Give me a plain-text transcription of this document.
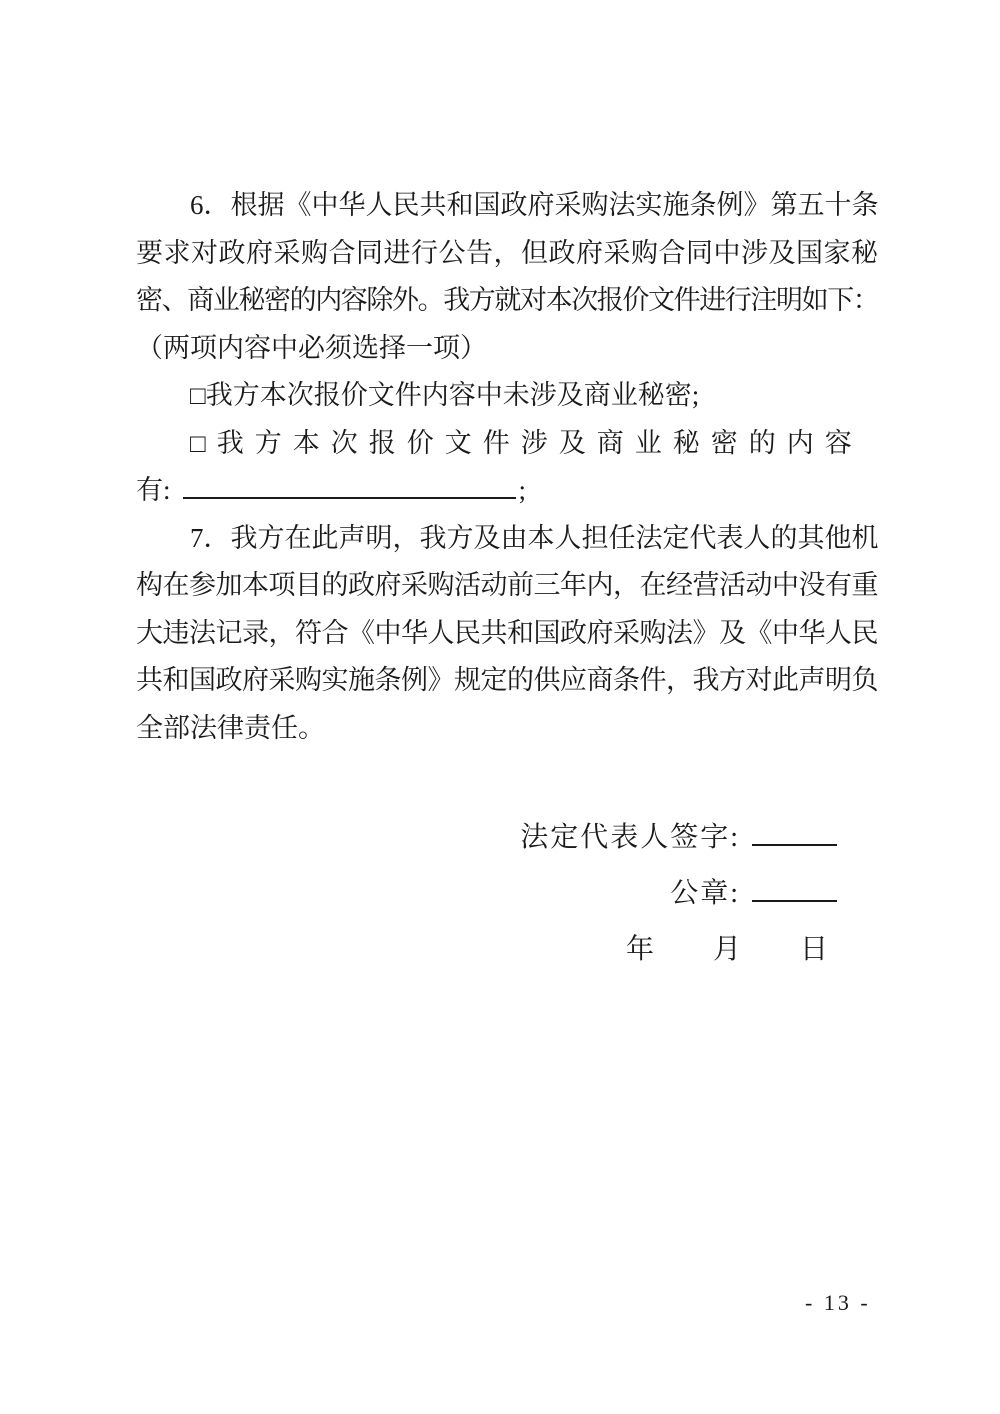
6．根据《中华人民共和国政府采购法实施条例》第五十条
要求对政府采购合同进行公告，但政府采购合同中涉及国家秘
密、商业秘密的内容除外。我方就对本次报价文件进行注明如下：
（两项内容中必须选择一项）
□我方本次报价文件内容中未涉及商业秘密;
□我方本次报价文件涉及商业秘密的内容
有:	;
7．我方在此声明，我方及由本人担任法定代表人的其他机
构在参加本项目的政府采购活动前三年内，在经营活动中没有重
大违法记录，符合《中华人民共和国政府采购法》及《中华人民
共和国政府采购实施条例》规定的供应商条件，我方对此声明负
全部法律责任。
法定代表人签字:
公章:
年　　月　　日
- 13 -
